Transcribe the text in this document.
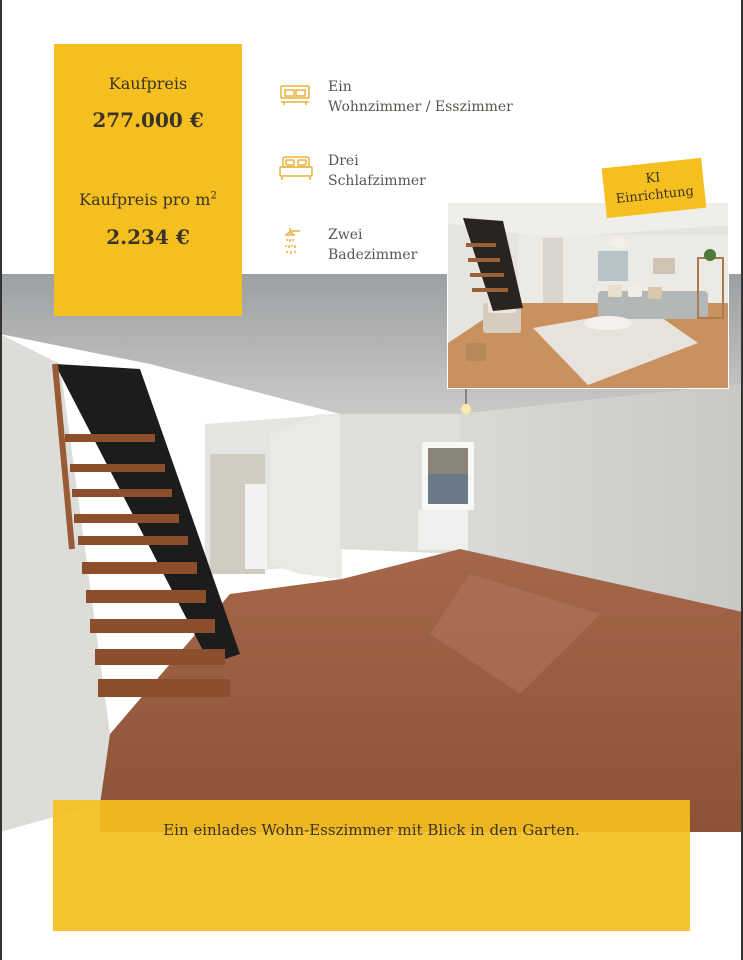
Kaufpreis
277.000 €
Kaufpreis pro $m^2$
2.234 €
Ein
Wohnzimmer / Esszimmer
Drei
Schlafzimmer
Zwei
Badezimmer
KI
Einrichtung
Ein einlades Wohn-Esszimmer mit Blick in den Garten.
